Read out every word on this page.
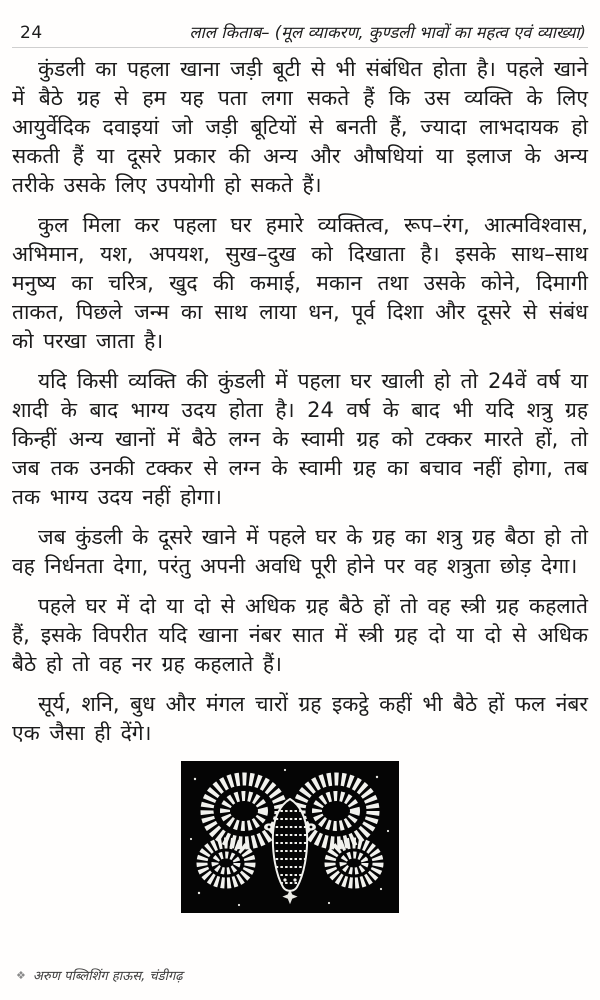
24	लाल किताब– (मूल व्याकरण, कुण्डली भावों का महत्व एवं व्याख्या)

कुंडली का पहला खाना जड़ी बूटी से भी संबंधित होता है। पहले खाने में बैठे ग्रह से हम यह पता लगा सकते हैं कि उस व्यक्ति के लिए आयुर्वेदिक दवाइयां जो जड़ी बूटियों से बनती हैं, ज्यादा लाभदायक हो सकती हैं या दूसरे प्रकार की अन्य और औषधियां या इलाज के अन्य तरीके उसके लिए उपयोगी हो सकते हैं।

कुल मिला कर पहला घर हमारे व्यक्तित्व, रूप–रंग, आत्मविश्वास, अभिमान, यश, अपयश, सुख–दुख को दिखाता है। इसके साथ–साथ मनुष्य का चरित्र, खुद की कमाई, मकान तथा उसके कोने, दिमागी ताकत, पिछले जन्म का साथ लाया धन, पूर्व दिशा और दूसरे से संबंध को परखा जाता है।

यदि किसी व्यक्ति की कुंडली में पहला घर खाली हो तो 24वें वर्ष या शादी के बाद भाग्य उदय होता है। 24 वर्ष के बाद भी यदि शत्रु ग्रह किन्हीं अन्य खानों में बैठे लग्न के स्वामी ग्रह को टक्कर मारते हों, तो जब तक उनकी टक्कर से लग्न के स्वामी ग्रह का बचाव नहीं होगा, तब तक भाग्य उदय नहीं होगा।

जब कुंडली के दूसरे खाने में पहले घर के ग्रह का शत्रु ग्रह बैठा हो तो वह निर्धनता देगा, परंतु अपनी अवधि पूरी होने पर वह शत्रुता छोड़ देगा।

पहले घर में दो या दो से अधिक ग्रह बैठे हों तो वह स्त्री ग्रह कहलाते हैं, इसके विपरीत यदि खाना नंबर सात में स्त्री ग्रह दो या दो से अधिक बैठे हो तो वह नर ग्रह कहलाते हैं।

सूर्य, शनि, बुध और मंगल चारों ग्रह इकट्ठे कहीं भी बैठे हों फल नंबर एक जैसा ही देंगे।

❖ अरुण पब्लिशिंग हाऊस, चंडीगढ़
